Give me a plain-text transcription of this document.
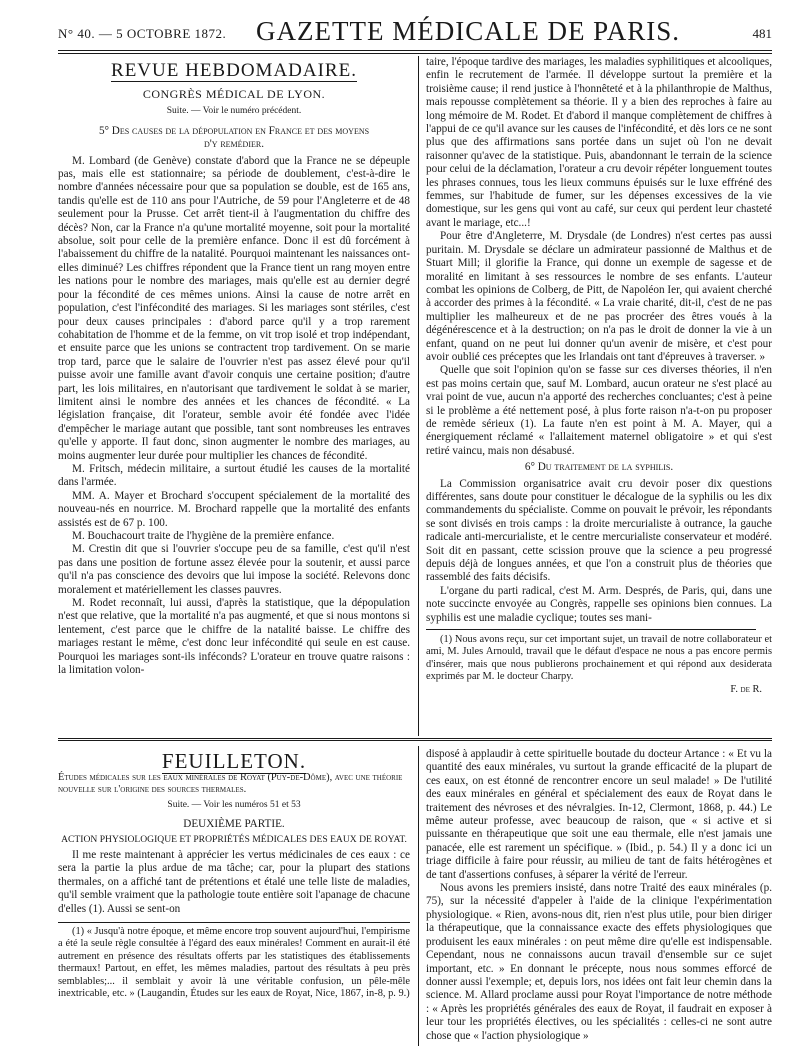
N° 40. — 5 OCTOBRE 1872. GAZETTE MÉDICALE DE PARIS.	481
REVUE HEBDOMADAIRE.
CONGRÈS MÉDICAL DE LYON.
Suite. — Voir le numéro précédent.
5° Des causes de la dépopulation en France et des moyens
d'y remédier.

M. Lombard (de Genève) constate d'abord que la France ne se dépeuple pas, mais elle est stationnaire; sa période de doublement, c'est-à-dire le nombre d'années nécessaire pour que sa population se double, est de 165 ans, tandis qu'elle est de 110 ans pour l'Autriche, de 59 pour l'Angleterre et de 48 seulement pour la Prusse. Cet arrêt tient-il à l'augmentation du chiffre des décès? Non, car la France n'a qu'une mortalité moyenne, soit pour la mortalité absolue, soit pour celle de la première enfance. Donc il est dû forcément à l'abaissement du chiffre de la natalité. Pourquoi maintenant les naissances ont-elles diminué? Les chiffres répondent que la France tient un rang moyen entre les nations pour le nombre des mariages, mais qu'elle est au dernier degré pour la fécondité de ces mêmes unions. Ainsi la cause de notre arrêt en population, c'est l'infécondité des mariages. Si les mariages sont stériles, c'est pour deux causes principales : d'abord parce qu'il y a trop rarement cohabitation de l'homme et de la femme, on vit trop isolé et trop indépendant, et ensuite parce que les unions se contractent trop tardivement. On se marie trop tard, parce que le salaire de l'ouvrier n'est pas assez élevé pour qu'il puisse avoir une famille avant d'avoir conquis une certaine position; d'autre part, les lois militaires, en n'autorisant que tardivement le soldat à se marier, limitent ainsi le nombre des années et les chances de fécondité. « La législation française, dit l'orateur, semble avoir été fondée avec l'idée d'empêcher le mariage autant que possible, tant sont nombreuses les entraves qu'elle y apporte. Il faut donc, sinon augmenter le nombre des mariages, au moins augmenter leur durée pour multiplier les chances de fécondité.

M. Fritsch, médecin militaire, a surtout étudié les causes de la mortalité dans l'armée.

MM. A. Mayer et Brochard s'occupent spécialement de la mortalité des nouveau-nés en nourrice. M. Brochard rappelle que la mortalité des enfants assistés est de 67 p. 100.

M. Bouchacourt traite de l'hygiène de la première enfance.

M. Crestin dit que si l'ouvrier s'occupe peu de sa famille, c'est qu'il n'est pas dans une position de fortune assez élevée pour la soutenir, et aussi parce qu'il n'a pas conscience des devoirs que lui impose la société. Relevons donc moralement et matériellement les classes pauvres.

M. Rodet reconnaît, lui aussi, d'après la statistique, que la dépopulation n'est que relative, que la mortalité n'a pas augmenté, et que si nous montons si lentement, c'est parce que le chiffre de la natalité baisse. Le chiffre des mariages restant le même, c'est donc leur infécondité qui seule en est cause. Pourquoi les mariages sont-ils inféconds? L'orateur en trouve quatre raisons : la limitation volon-

taire, l'époque tardive des mariages, les maladies syphilitiques et alcooliques, enfin le recrutement de l'armée. Il développe surtout la première et la troisième cause; il rend justice à l'honnêteté et à la philanthropie de Malthus, mais repousse complètement sa théorie. Il y a bien des reproches à faire au long mémoire de M. Rodet. Et d'abord il manque complètement de chiffres à l'appui de ce qu'il avance sur les causes de l'infécondité, et dès lors ce ne sont plus que des affirmations sans portée dans un sujet où l'on ne devait raisonner qu'avec de la statistique. Puis, abandonnant le terrain de la science pour celui de la déclamation, l'orateur a cru devoir répéter longuement toutes les phrases connues, tous les lieux communs épuisés sur le luxe effréné des femmes, sur l'habitude de fumer, sur les dépenses excessives de la vie domestique, sur les gens qui vont au café, sur ceux qui perdent leur chasteté avant le mariage, etc...!

Pour être d'Angleterre, M. Drysdale (de Londres) n'est certes pas aussi puritain. M. Drysdale se déclare un admirateur passionné de Malthus et de Stuart Mill; il glorifie la France, qui donne un exemple de sagesse et de moralité en limitant à ses ressources le nombre de ses enfants. L'auteur combat les opinions de Colberg, de Pitt, de Napoléon Ier, qui avaient cherché à accorder des primes à la fécondité. « La vraie charité, dit-il, c'est de ne pas multiplier les malheureux et de ne pas procréer des êtres voués à la dégénérescence et à la destruction; on n'a pas le droit de donner la vie à un enfant, quand on ne peut lui donner qu'un avenir de misère, et c'est pour avoir oublié ces préceptes que les Irlandais ont tant d'épreuves à traverser. »

Quelle que soit l'opinion qu'on se fasse sur ces diverses théories, il n'en est pas moins certain que, sauf M. Lombard, aucun orateur ne s'est placé au vrai point de vue, aucun n'a apporté des recherches concluantes; c'est à peine si le problème a été nettement posé, à plus forte raison n'a-t-on pu proposer de remède sérieux (1). La faute n'en est point à M. A. Mayer, qui a énergiquement réclamé « l'allaitement maternel obligatoire » et qui s'est retiré vaincu, mais non désabusé.

6° Du traitement de la syphilis.

La Commission organisatrice avait cru devoir poser dix questions différentes, sans doute pour constituer le décalogue de la syphilis ou les dix commandements du spécialiste. Comme on pouvait le prévoir, les répondants se sont divisés en trois camps : la droite mercurialiste à outrance, la gauche radicale anti-mercurialiste, et le centre mercurialiste conservateur et modéré. Soit dit en passant, cette scission prouve que la science a peu progressé depuis déjà de longues années, et que l'on a construit plus de théories que rassemblé des faits décisifs.

L'organe du parti radical, c'est M. Arm. Després, de Paris, qui, dans une note succincte envoyée au Congrès, rappelle ses opinions bien connues. La syphilis est une maladie cyclique; toutes ses mani-

(1) Nous avons reçu, sur cet important sujet, un travail de notre collaborateur et ami, M. Jules Arnould, travail que le défaut d'espace ne nous a pas encore permis d'insérer, mais que nous publierons prochainement et qui répond aux desiderata exprimés par M. le docteur Charpy.

F. de R.
FEUILLETON.

Études médicales sur les eaux minérales de Royat (Puy-de-Dôme), avec une théorie nouvelle sur l'origine des sources thermales.

Suite. — Voir les numéros 51 et 53
DEUXIÈME PARTIE.
ACTION PHYSIOLOGIQUE ET PROPRIÉTÉS MÉDICALES DES EAUX DE ROYAT.

Il me reste maintenant à apprécier les vertus médicinales de ces eaux : ce sera la partie la plus ardue de ma tâche; car, pour la plupart des stations thermales, on a affiché tant de prétentions et étalé une telle liste de maladies, qu'il semble vraiment que la pathologie toute entière soit l'apanage de chacune d'elles (1). Aussi se sent-on

(1) « Jusqu'à notre époque, et même encore trop souvent aujourd'hui, l'empirisme a été la seule règle consultée à l'égard des eaux minérales! Comment en aurait-il été autrement en présence des résultats offerts par les statistiques des établissements thermaux! Partout, en effet, les mêmes maladies, partout des résultats à peu près semblables;... il semblait y avoir là une véritable confusion, un pêle-mêle inextricable, etc. » (Laugandin, Études sur les eaux de Royat, Nice, 1867, in-8, p. 9.)

disposé à applaudir à cette spirituelle boutade du docteur Artance : « Et vu la quantité des eaux minérales, vu surtout la grande efficacité de la plupart de ces eaux, on est étonné de rencontrer encore un seul malade! » De l'utilité des eaux minérales en général et spécialement des eaux de Royat dans le traitement des névroses et des névralgies. In-12, Clermont, 1868, p. 44.) Le même auteur professe, avec beaucoup de raison, que « si active et si puissante en thérapeutique que soit une eau thermale, elle n'est jamais une panacée, elle est rarement un spécifique. » (Ibid., p. 54.) Il y a donc ici un triage difficile à faire pour réussir, au milieu de tant de faits hétérogènes et de tant d'assertions confuses, à séparer la vérité de l'erreur.

Nous avons les premiers insisté, dans notre Traité des eaux minérales (p. 75), sur la nécessité d'appeler à l'aide de la clinique l'expérimentation physiologique. « Rien, avons-nous dit, rien n'est plus utile, pour bien diriger la thérapeutique, que la connaissance exacte des effets physiologiques que produisent les eaux minérales : on peut même dire qu'elle est indispensable. Cependant, nous ne connaissons aucun travail d'ensemble sur ce sujet important, etc. » En donnant le précepte, nous nous sommes efforcé de donner aussi l'exemple; et, depuis lors, nos idées ont fait leur chemin dans la science. M. Allard proclame aussi pour Royat l'importance de notre méthode : « Après les propriétés générales des eaux de Royat, il faudrait en exposer à leur tour les propriétés électives, ou les spécialités : celles-ci ne sont autre chose que « l'action physiologique »
